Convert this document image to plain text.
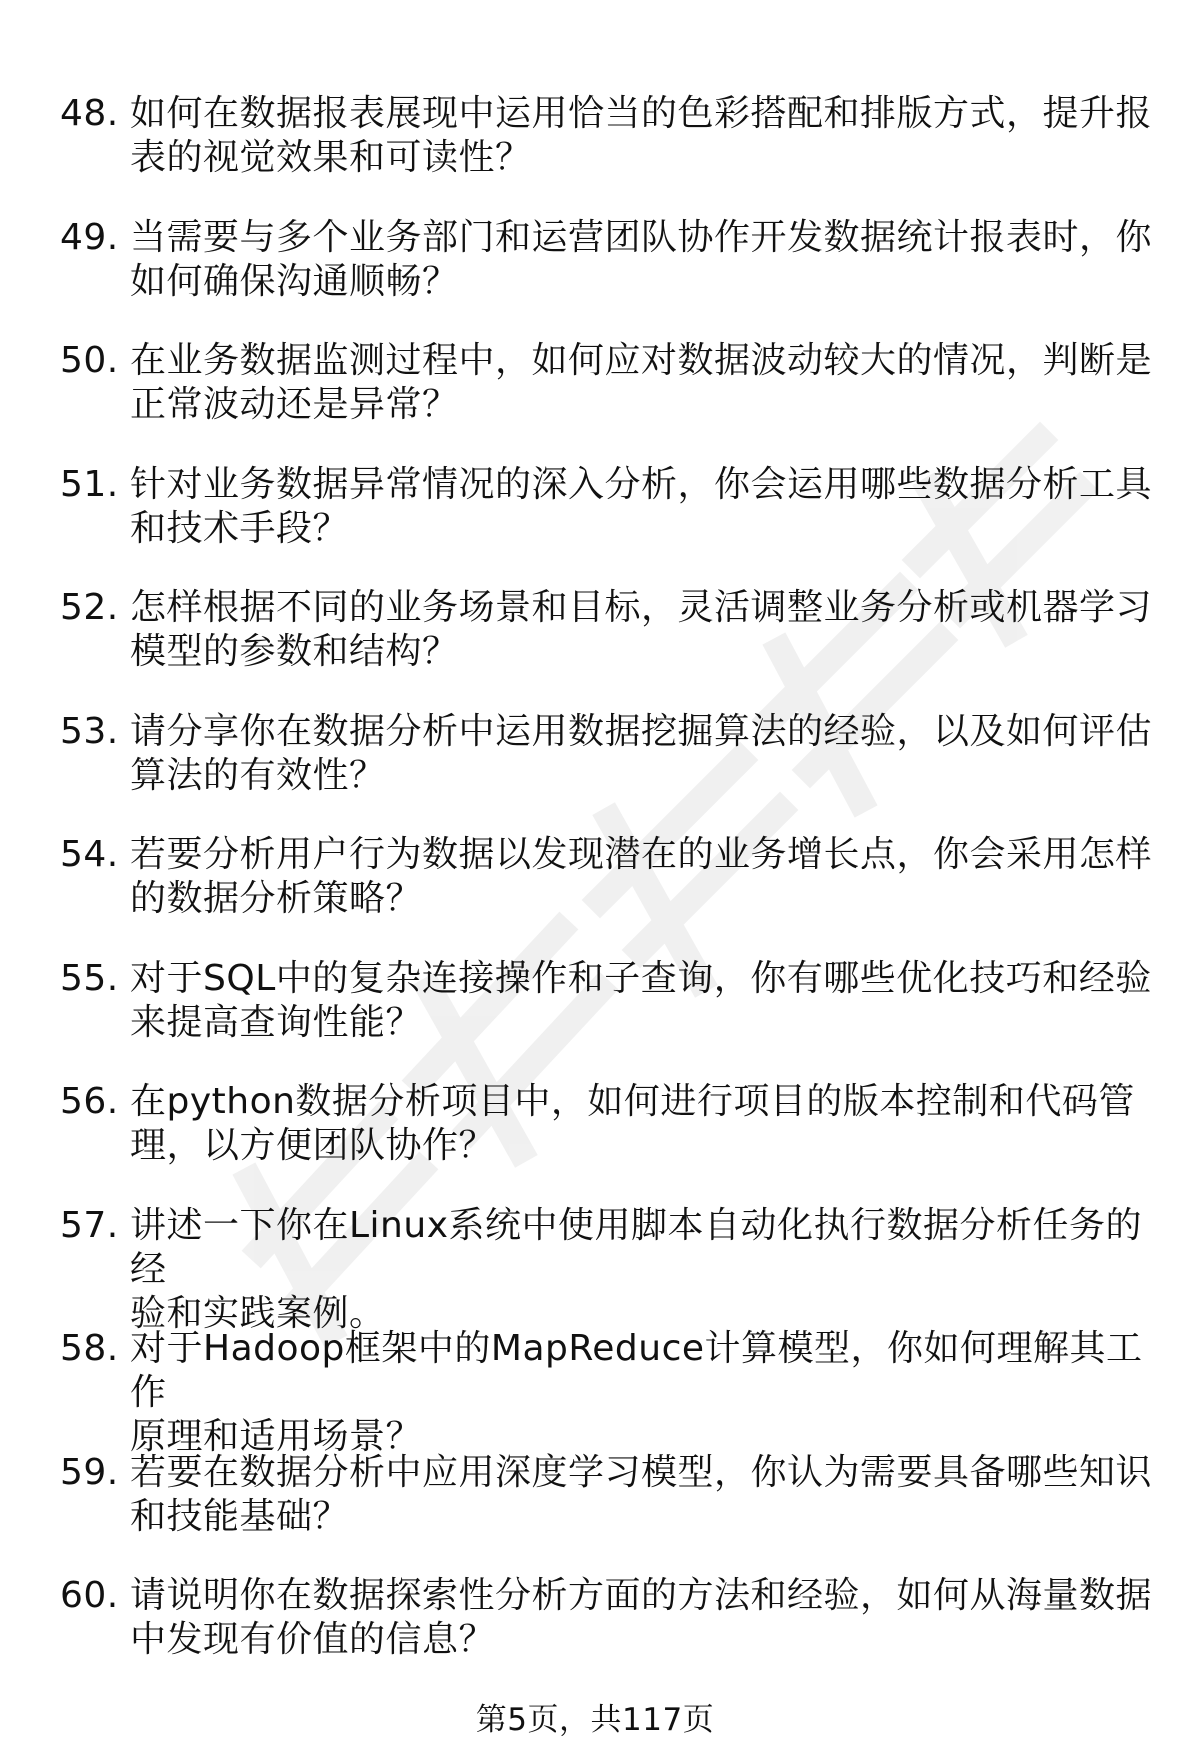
48. 如何在数据报表展现中运用恰当的色彩搭配和排版方式，提升报
表的视觉效果和可读性？
49. 当需要与多个业务部门和运营团队协作开发数据统计报表时，你
如何确保沟通顺畅？
50. 在业务数据监测过程中，如何应对数据波动较大的情况，判断是
正常波动还是异常？
51. 针对业务数据异常情况的深入分析，你会运用哪些数据分析工具
和技术手段？
52. 怎样根据不同的业务场景和目标，灵活调整业务分析或机器学习
模型的参数和结构？
53. 请分享你在数据分析中运用数据挖掘算法的经验，以及如何评估
算法的有效性？
54. 若要分析用户行为数据以发现潜在的业务增长点，你会采用怎样
的数据分析策略？
55. 对于SQL中的复杂连接操作和子查询，你有哪些优化技巧和经验
来提高查询性能？
56. 在python数据分析项目中，如何进行项目的版本控制和代码管
理，以方便团队协作？
57. 讲述一下你在Linux系统中使用脚本自动化执行数据分析任务的经
验和实践案例。
58. 对于Hadoop框架中的MapReduce计算模型，你如何理解其工作
原理和适用场景？
59. 若要在数据分析中应用深度学习模型，你认为需要具备哪些知识
和技能基础？
60. 请说明你在数据探索性分析方面的方法和经验，如何从海量数据
中发现有价值的信息？
第5页，共117页
